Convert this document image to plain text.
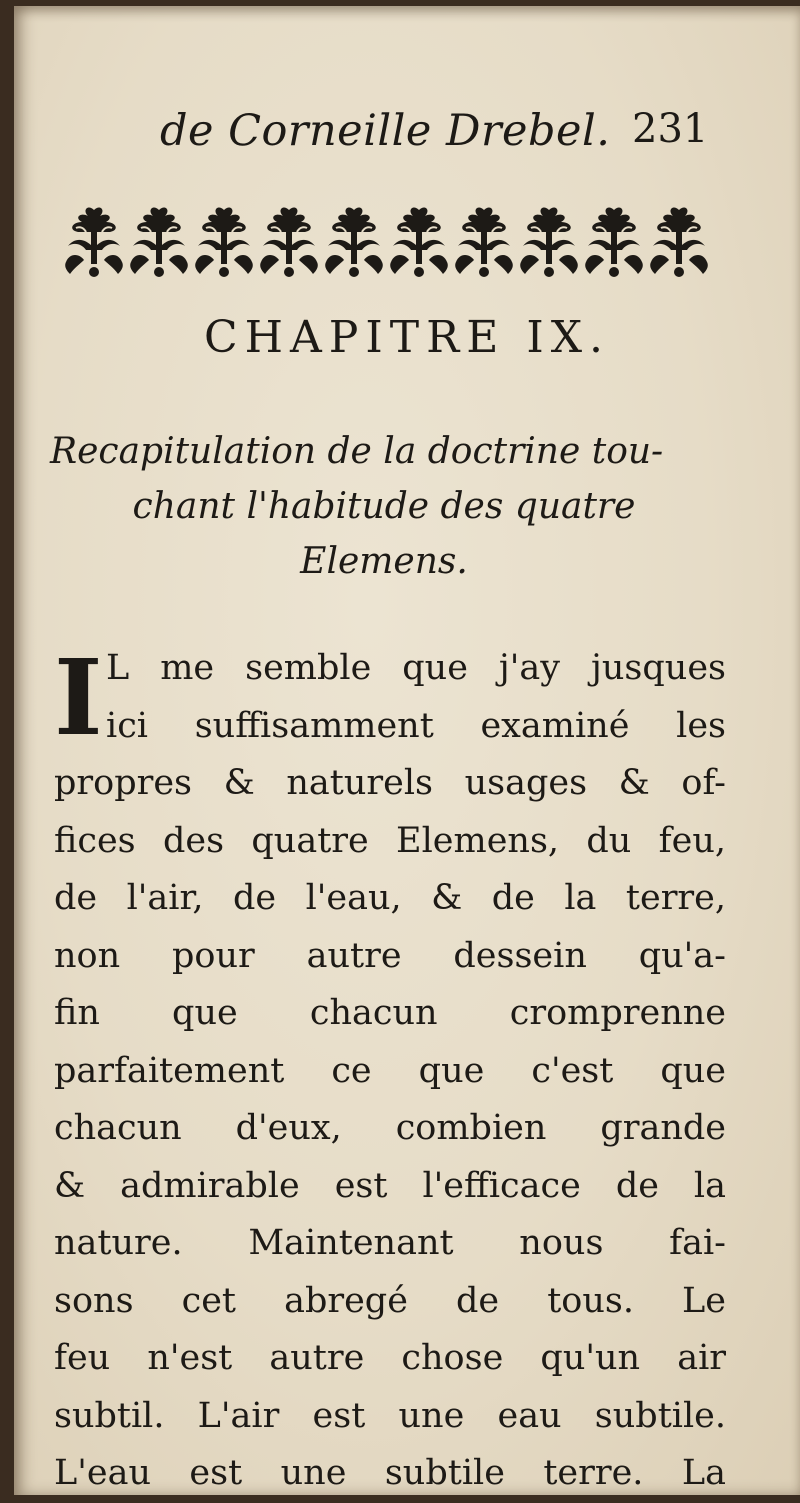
de Corneille Drebel. 231
CHAPITRE IX.
Recapitulation de la doctrine tou-
chant l'habitude des quatre
Elemens.
I L me semble que j'ay jusques
ici suffisamment examiné les
propres & naturels usages & of-
fices des quatre Elemens, du feu,
de l'air, de l'eau, & de la terre,
non pour autre dessein qu'a-
fin que chacun cromprenne
parfaitement ce que c'est que
chacun d'eux, combien grande
& admirable est l'efficace de la
nature. Maintenant nous fai-
sons cet abregé de tous. Le
feu n'est autre chose qu'un air
subtil. L'air est une eau subtile.
L'eau est une subtile terre. La
